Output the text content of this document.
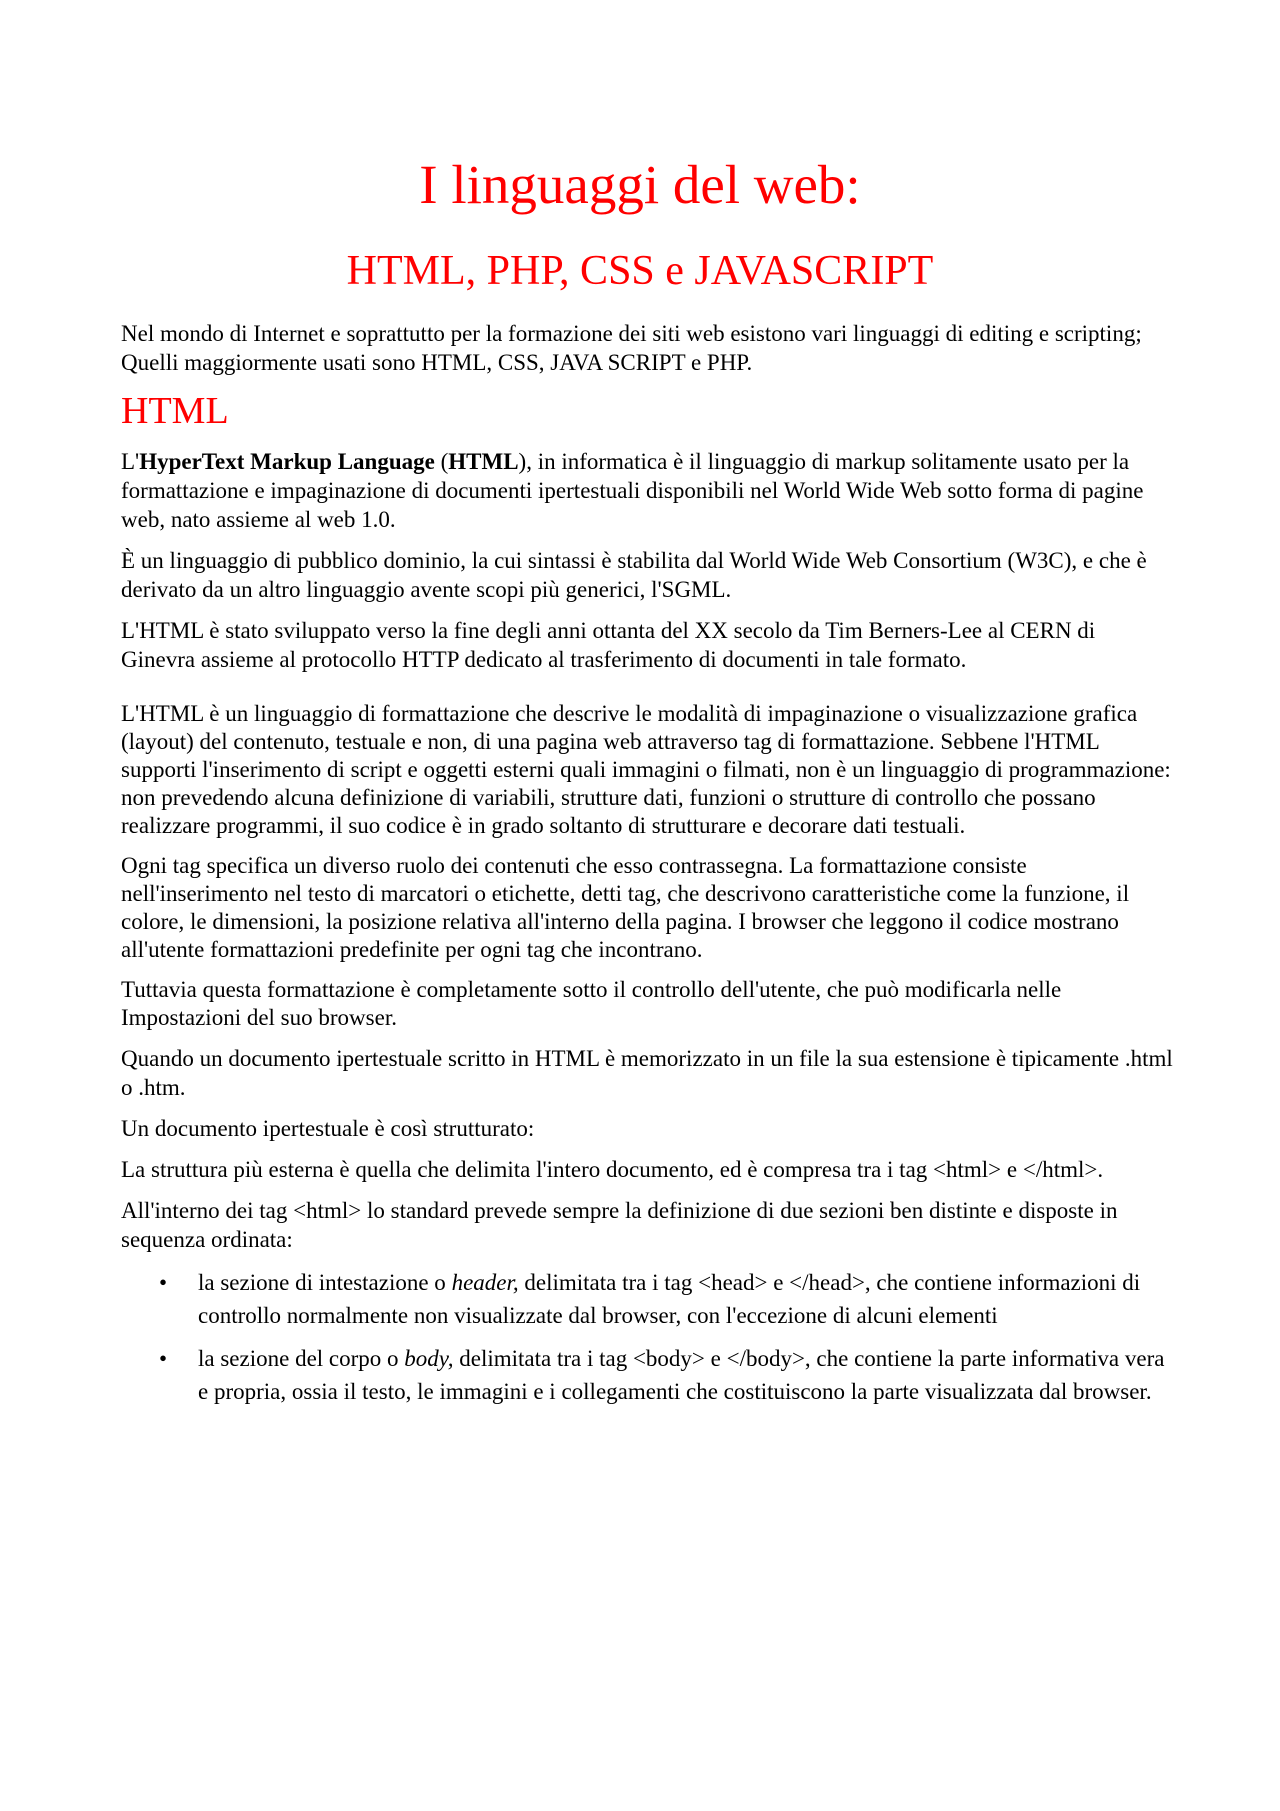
I linguaggi del web:
HTML, PHP, CSS e JAVASCRIPT

Nel mondo di Internet e soprattutto per la formazione dei siti web esistono vari linguaggi di editing e scripting; Quelli maggiormente usati sono HTML, CSS, JAVA SCRIPT e PHP.

HTML

L'HyperText Markup Language (HTML), in informatica è il linguaggio di markup solitamente usato per la formattazione e impaginazione di documenti ipertestuali disponibili nel World Wide Web sotto forma di pagine web, nato assieme al web 1.0.

È un linguaggio di pubblico dominio, la cui sintassi è stabilita dal World Wide Web Consortium (W3C), e che è derivato da un altro linguaggio avente scopi più generici, l'SGML.

L'HTML è stato sviluppato verso la fine degli anni ottanta del XX secolo da Tim Berners-Lee al CERN di Ginevra assieme al protocollo HTTP dedicato al trasferimento di documenti in tale formato.

L'HTML è un linguaggio di formattazione che descrive le modalità di impaginazione o visualizzazione grafica (layout) del contenuto, testuale e non, di una pagina web attraverso tag di formattazione. Sebbene l'HTML supporti l'inserimento di script e oggetti esterni quali immagini o filmati, non è un linguaggio di programmazione: non prevedendo alcuna definizione di variabili, strutture dati, funzioni o strutture di controllo che possano realizzare programmi, il suo codice è in grado soltanto di strutturare e decorare dati testuali.

Ogni tag specifica un diverso ruolo dei contenuti che esso contrassegna. La formattazione consiste nell'inserimento nel testo di marcatori o etichette, detti tag, che descrivono caratteristiche come la funzione, il colore, le dimensioni, la posizione relativa all'interno della pagina. I browser che leggono il codice mostrano all'utente formattazioni predefinite per ogni tag che incontrano.

Tuttavia questa formattazione è completamente sotto il controllo dell'utente, che può modificarla nelle Impostazioni del suo browser.

Quando un documento ipertestuale scritto in HTML è memorizzato in un file la sua estensione è tipicamente .html o .htm.

Un documento ipertestuale è così strutturato:

La struttura più esterna è quella che delimita l'intero documento, ed è compresa tra i tag <html> e </html>.

All'interno dei tag <html> lo standard prevede sempre la definizione di due sezioni ben distinte e disposte in sequenza ordinata:

• la sezione di intestazione o header, delimitata tra i tag <head> e </head>, che contiene informazioni di controllo normalmente non visualizzate dal browser, con l'eccezione di alcuni elementi
• la sezione del corpo o body, delimitata tra i tag <body> e </body>, che contiene la parte informativa vera e propria, ossia il testo, le immagini e i collegamenti che costituiscono la parte visualizzata dal browser.
